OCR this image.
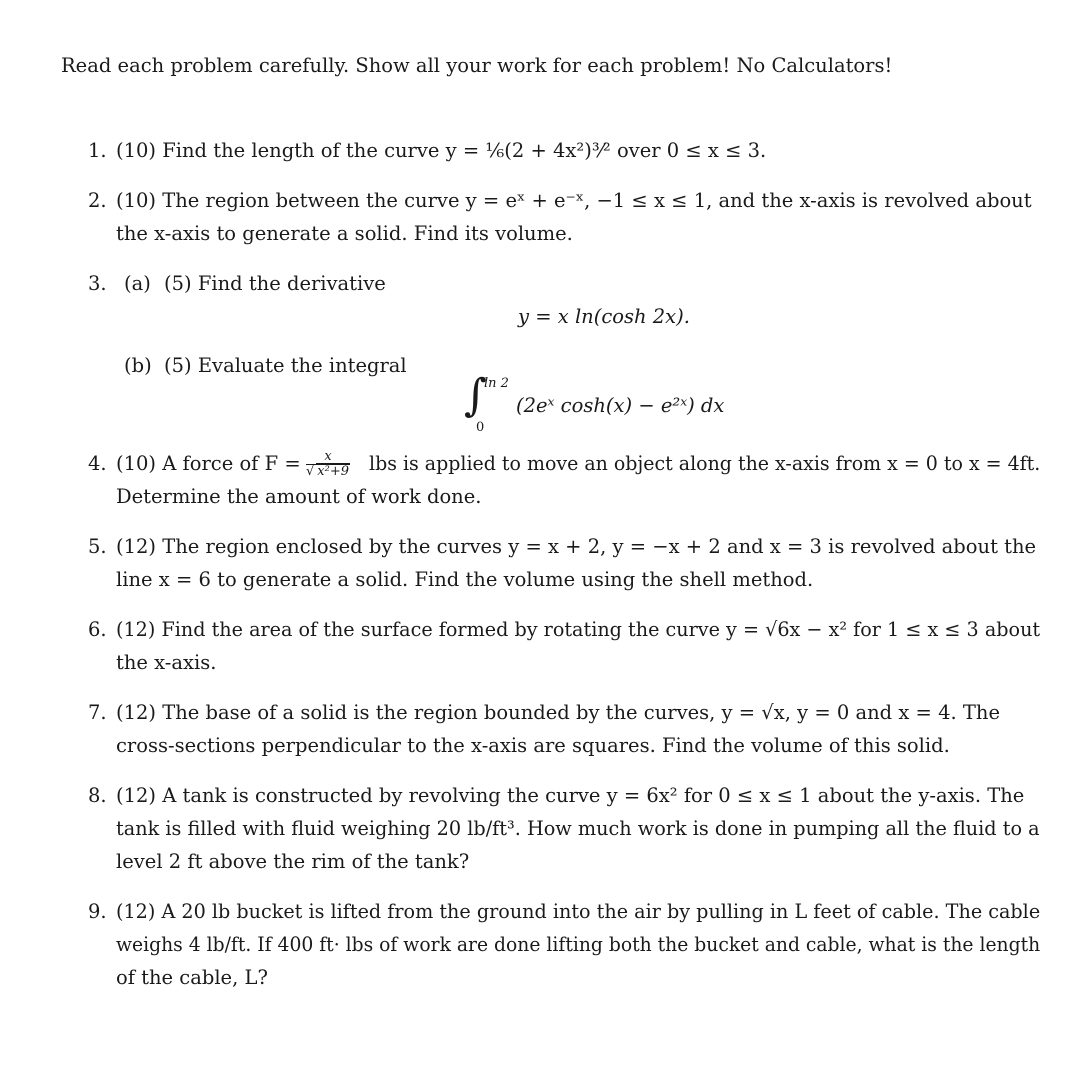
Read each problem carefully. Show all your work for each problem! No Calculators!
1. (10) Find the length of the curve y = ⅙(2 + 4x²)³⁄² over 0 ≤ x ≤ 3.
2. (10) The region between the curve y = eˣ + e⁻ˣ, −1 ≤ x ≤ 1, and the x-axis is revolved about
the x-axis to generate a solid. Find its volume.
3. (a) (5) Find the derivative
y = x ln(cosh 2x).
(b) (5) Evaluate the integral
∫
ln 2
0
(2eˣ cosh(x) − e²ˣ) dx
4. (10) A force of $F = \frac{x}{\text{√ x²+9}}$ lbs is applied to move an object along the x-axis from x = 0 to x = 4ft.
Determine the amount of work done.
5. (12) The region enclosed by the curves y = x + 2, y = −x + 2 and x = 3 is revolved about the
line x = 6 to generate a solid. Find the volume using the shell method.
6. (12) Find the area of the surface formed by rotating the curve y = √6x − x² for 1 ≤ x ≤ 3 about
the x-axis.
7. (12) The base of a solid is the region bounded by the curves, y = √x, y = 0 and x = 4. The
cross-sections perpendicular to the x-axis are squares. Find the volume of this solid.
8. (12) A tank is constructed by revolving the curve y = 6x² for 0 ≤ x ≤ 1 about the y-axis. The
tank is filled with fluid weighing 20 lb/ft³. How much work is done in pumping all the fluid to a
level 2 ft above the rim of the tank?
9. (12) A 20 lb bucket is lifted from the ground into the air by pulling in L feet of cable. The cable
weighs 4 lb/ft. If 400 ft· lbs of work are done lifting both the bucket and cable, what is the length
of the cable, L?
